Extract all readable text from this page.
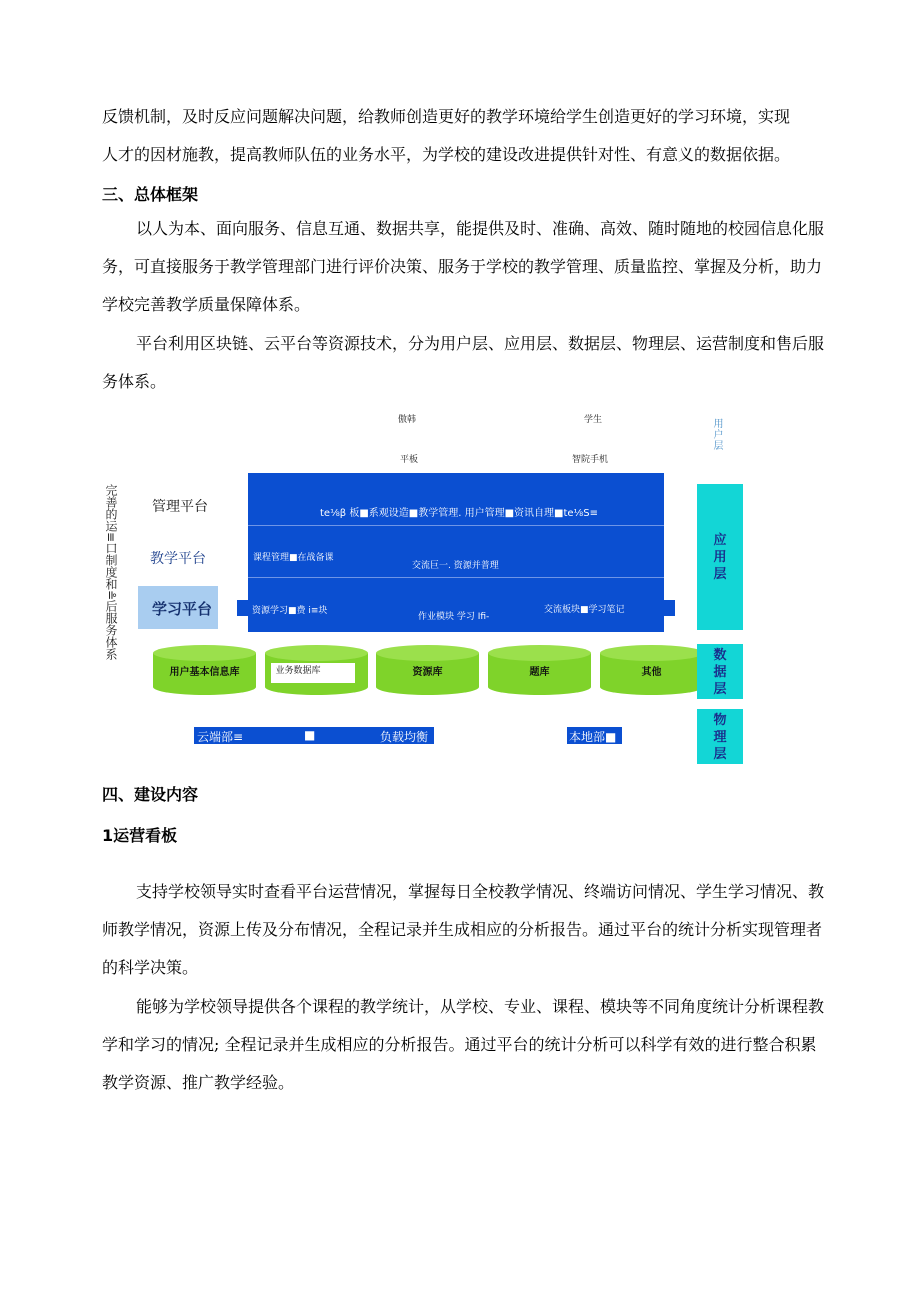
反馈机制，及时反应问题解决问题，给教师创造更好的教学环境给学生创造更好的学习环境，实现

人才的因材施教，提高教师队伍的业务水平，为学校的建设改进提供针对性、有意义的数据依据。

三、总体框架

以人为本、面向服务、信息互通、数据共享，能提供及时、准确、高效、随时随地的校园信息化服务，可直接服务于教学管理部门进行评价决策、服务于学校的教学管理、质量监控、掌握及分析，助力学校完善教学质量保障体系。

平台利用区块链、云平台等资源技术，分为用户层、应用层、数据层、物理层、运营制度和售后服务体系。

傲韩	学生
平板	智院手机
用户层
完善的运≡口制度和≗后服务体系 管理平台
教学平台
学习平台
te⅛β 板■系观设造■教学管理. 用户管理■资讯自理■te⅛S≡
课程管理■在战备课
交流巨一. 资源并普理
资源学习■费 i≡块
作业模块 学习 Ifi-
交流板块■学习笔记
用户基本信息库	业务数据库	资源库	题库	其他
云端部≡	■	负载均衡	本地部■
应用层
数据层
物理层
四、建设内容
1运营看板

支持学校领导实时查看平台运营情况，掌握每日全校教学情况、终端访问情况、学生学习情况、教师教学情况，资源上传及分布情况，全程记录并生成相应的分析报告。通过平台的统计分析实现管理者的科学决策。

能够为学校领导提供各个课程的教学统计，从学校、专业、课程、模块等不同角度统计分析课程教学和学习的情况; 全程记录并生成相应的分析报告。通过平台的统计分析可以科学有效的进行整合积累教学资源、推广教学经验。
